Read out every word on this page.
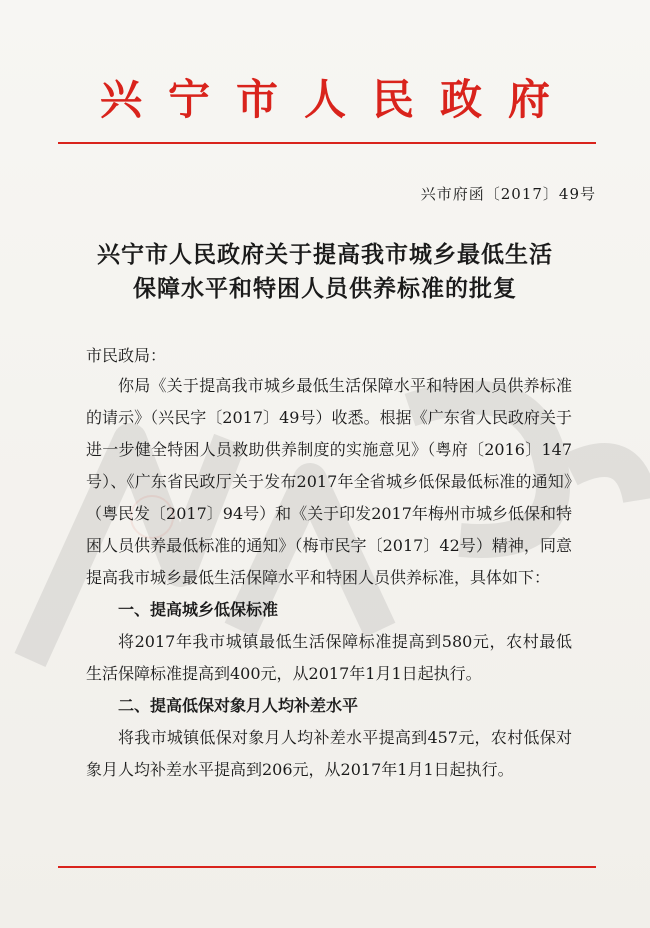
兴宁市人民政府
兴市府函〔2017〕49号
兴宁市人民政府关于提高我市城乡最低生活
保障水平和特困人员供养标准的批复
市民政局：

你局《关于提高我市城乡最低生活保障水平和特困人员供养标准的请示》（兴民字〔2017〕49号）收悉。根据《广东省人民政府关于进一步健全特困人员救助供养制度的实施意见》（粤府〔2016〕147号）、《广东省民政厅关于发布2017年全省城乡低保最低标准的通知》（粤民发〔2017〕94号）和《关于印发2017年梅州市城乡低保和特困人员供养最低标准的通知》（梅市民字〔2017〕42号）精神，同意提高我市城乡最低生活保障水平和特困人员供养标准，具体如下：

一、提高城乡低保标准

将2017年我市城镇最低生活保障标准提高到580元，农村最低生活保障标准提高到400元，从2017年1月1日起执行。

二、提高低保对象月人均补差水平

将我市城镇低保对象月人均补差水平提高到457元，农村低保对象月人均补差水平提高到206元，从2017年1月1日起执行。
